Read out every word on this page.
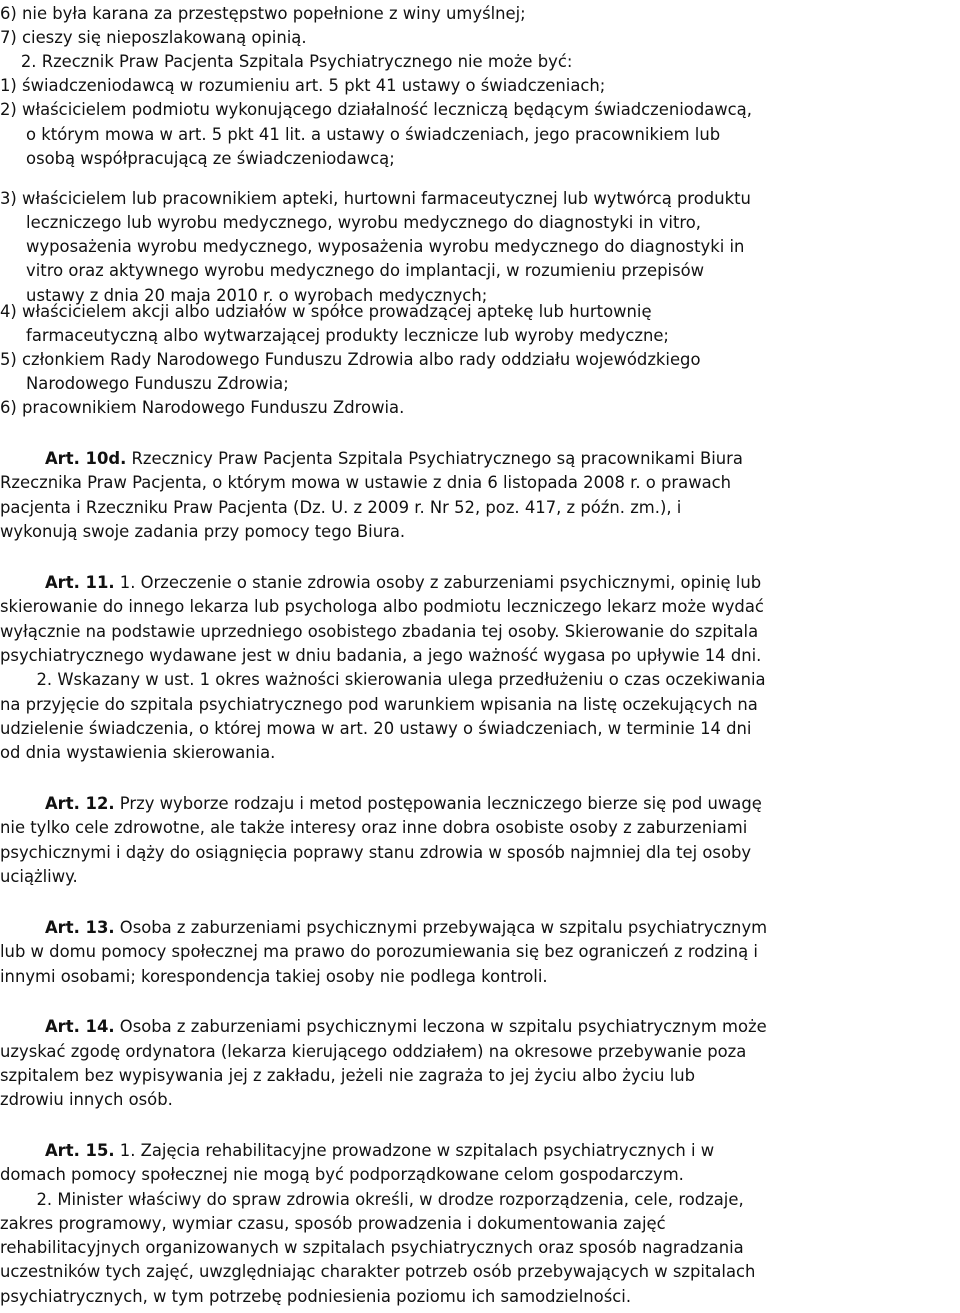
6) nie była karana za przestępstwo popełnione z winy umyślnej;
7) cieszy się nieposzlakowaną opinią.
2. Rzecznik Praw Pacjenta Szpitala Psychiatrycznego nie może być:
1) świadczeniodawcą w rozumieniu art. 5 pkt 41 ustawy o świadczeniach;
2) właścicielem podmiotu wykonującego działalność leczniczą będącym świadczeniodawcą,
o którym mowa w art. 5 pkt 41 lit. a ustawy o świadczeniach, jego pracownikiem lub
osobą współpracującą ze świadczeniodawcą;
3) właścicielem lub pracownikiem apteki, hurtowni farmaceutycznej lub wytwórcą produktu
leczniczego lub wyrobu medycznego, wyrobu medycznego do diagnostyki in vitro,
wyposażenia wyrobu medycznego, wyposażenia wyrobu medycznego do diagnostyki in
vitro oraz aktywnego wyrobu medycznego do implantacji, w rozumieniu przepisów
ustawy z dnia 20 maja 2010 r. o wyrobach medycznych;
4) właścicielem akcji albo udziałów w spółce prowadzącej aptekę lub hurtownię
farmaceutyczną albo wytwarzającej produkty lecznicze lub wyroby medyczne;
5) członkiem Rady Narodowego Funduszu Zdrowia albo rady oddziału wojewódzkiego
Narodowego Funduszu Zdrowia;
6) pracownikiem Narodowego Funduszu Zdrowia.
Art. 10d. Rzecznicy Praw Pacjenta Szpitala Psychiatrycznego są pracownikami Biura
Rzecznika Praw Pacjenta, o którym mowa w ustawie z dnia 6 listopada 2008 r. o prawach
pacjenta i Rzeczniku Praw Pacjenta (Dz. U. z 2009 r. Nr 52, poz. 417, z późn. zm.), i
wykonują swoje zadania przy pomocy tego Biura.
Art. 11. 1. Orzeczenie o stanie zdrowia osoby z zaburzeniami psychicznymi, opinię lub
skierowanie do innego lekarza lub psychologa albo podmiotu leczniczego lekarz może wydać
wyłącznie na podstawie uprzedniego osobistego zbadania tej osoby. Skierowanie do szpitala
psychiatrycznego wydawane jest w dniu badania, a jego ważność wygasa po upływie 14 dni.
2. Wskazany w ust. 1 okres ważności skierowania ulega przedłużeniu o czas oczekiwania
na przyjęcie do szpitala psychiatrycznego pod warunkiem wpisania na listę oczekujących na
udzielenie świadczenia, o której mowa w art. 20 ustawy o świadczeniach, w terminie 14 dni
od dnia wystawienia skierowania.
Art. 12. Przy wyborze rodzaju i metod postępowania leczniczego bierze się pod uwagę
nie tylko cele zdrowotne, ale także interesy oraz inne dobra osobiste osoby z zaburzeniami
psychicznymi i dąży do osiągnięcia poprawy stanu zdrowia w sposób najmniej dla tej osoby
uciążliwy.
Art. 13. Osoba z zaburzeniami psychicznymi przebywająca w szpitalu psychiatrycznym
lub w domu pomocy społecznej ma prawo do porozumiewania się bez ograniczeń z rodziną i
innymi osobami; korespondencja takiej osoby nie podlega kontroli.
Art. 14. Osoba z zaburzeniami psychicznymi leczona w szpitalu psychiatrycznym może
uzyskać zgodę ordynatora (lekarza kierującego oddziałem) na okresowe przebywanie poza
szpitalem bez wypisywania jej z zakładu, jeżeli nie zagraża to jej życiu albo życiu lub
zdrowiu innych osób.
Art. 15. 1. Zajęcia rehabilitacyjne prowadzone w szpitalach psychiatrycznych i w
domach pomocy społecznej nie mogą być podporządkowane celom gospodarczym.
2. Minister właściwy do spraw zdrowia określi, w drodze rozporządzenia, cele, rodzaje,
zakres programowy, wymiar czasu, sposób prowadzenia i dokumentowania zajęć
rehabilitacyjnych organizowanych w szpitalach psychiatrycznych oraz sposób nagradzania
uczestników tych zajęć, uwzględniając charakter potrzeb osób przebywających w szpitalach
psychiatrycznych, w tym potrzebę podniesienia poziomu ich samodzielności.
